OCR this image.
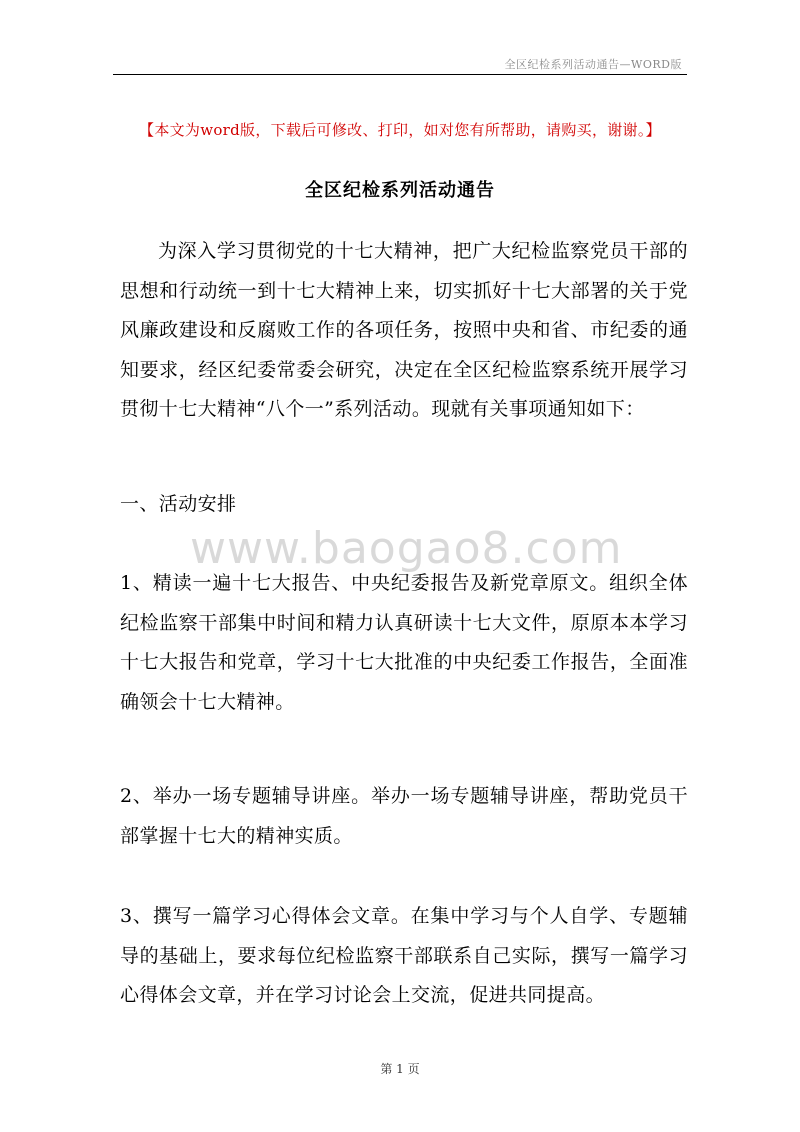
全区纪检系列活动通告—WORD版
【本文为word版，下载后可修改、打印，如对您有所帮助，请购买，谢谢。】
全区纪检系列活动通告
为深入学习贯彻党的十七大精神，把广大纪检监察党员干部的思想和行动统一到十七大精神上来，切实抓好十七大部署的关于党风廉政建设和反腐败工作的各项任务，按照中央和省、市纪委的通知要求，经区纪委常委会研究，决定在全区纪检监察系统开展学习贯彻十七大精神“八个一”系列活动。现就有关事项通知如下：
一、活动安排
www.baogao8.com
1、精读一遍十七大报告、中央纪委报告及新党章原文。组织全体纪检监察干部集中时间和精力认真研读十七大文件，原原本本学习十七大报告和党章，学习十七大批准的中央纪委工作报告，全面准确领会十七大精神。
2、举办一场专题辅导讲座。举办一场专题辅导讲座，帮助党员干部掌握十七大的精神实质。
3、撰写一篇学习心得体会文章。在集中学习与个人自学、专题辅导的基础上，要求每位纪检监察干部联系自己实际，撰写一篇学习心得体会文章，并在学习讨论会上交流，促进共同提高。
第 1 页
